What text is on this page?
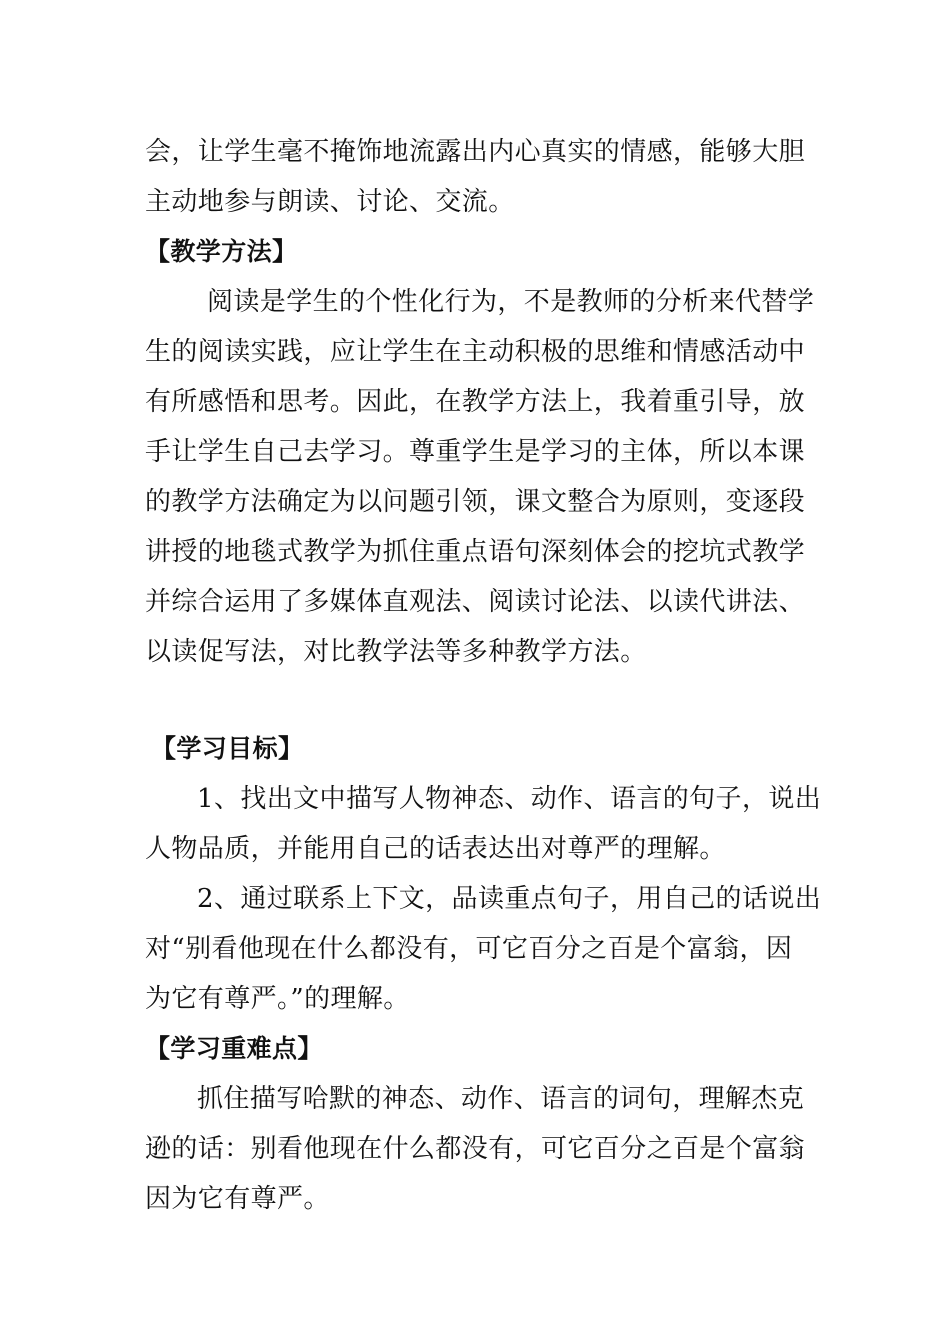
会，让学生毫不掩饰地流露出内心真实的情感，能够大胆
主动地参与朗读、讨论、交流。
【教学方法】
阅读是学生的个性化行为，不是教师的分析来代替学
生的阅读实践，应让学生在主动积极的思维和情感活动中
有所感悟和思考。因此，在教学方法上，我着重引导，放
手让学生自己去学习。尊重学生是学习的主体，所以本课
的教学方法确定为以问题引领，课文整合为原则，变逐段
讲授的地毯式教学为抓住重点语句深刻体会的挖坑式教学
并综合运用了多媒体直观法、阅读讨论法、以读代讲法、
以读促写法，对比教学法等多种教学方法。
【学习目标】
1、找出文中描写人物神态、动作、语言的句子，说出
人物品质，并能用自己的话表达出对尊严的理解。
2、通过联系上下文，品读重点句子，用自己的话说出
对“别看他现在什么都没有，可它百分之百是个富翁，因
为它有尊严。”的理解。
【学习重难点】
抓住描写哈默的神态、动作、语言的词句，理解杰克
逊的话：别看他现在什么都没有，可它百分之百是个富翁
因为它有尊严。
